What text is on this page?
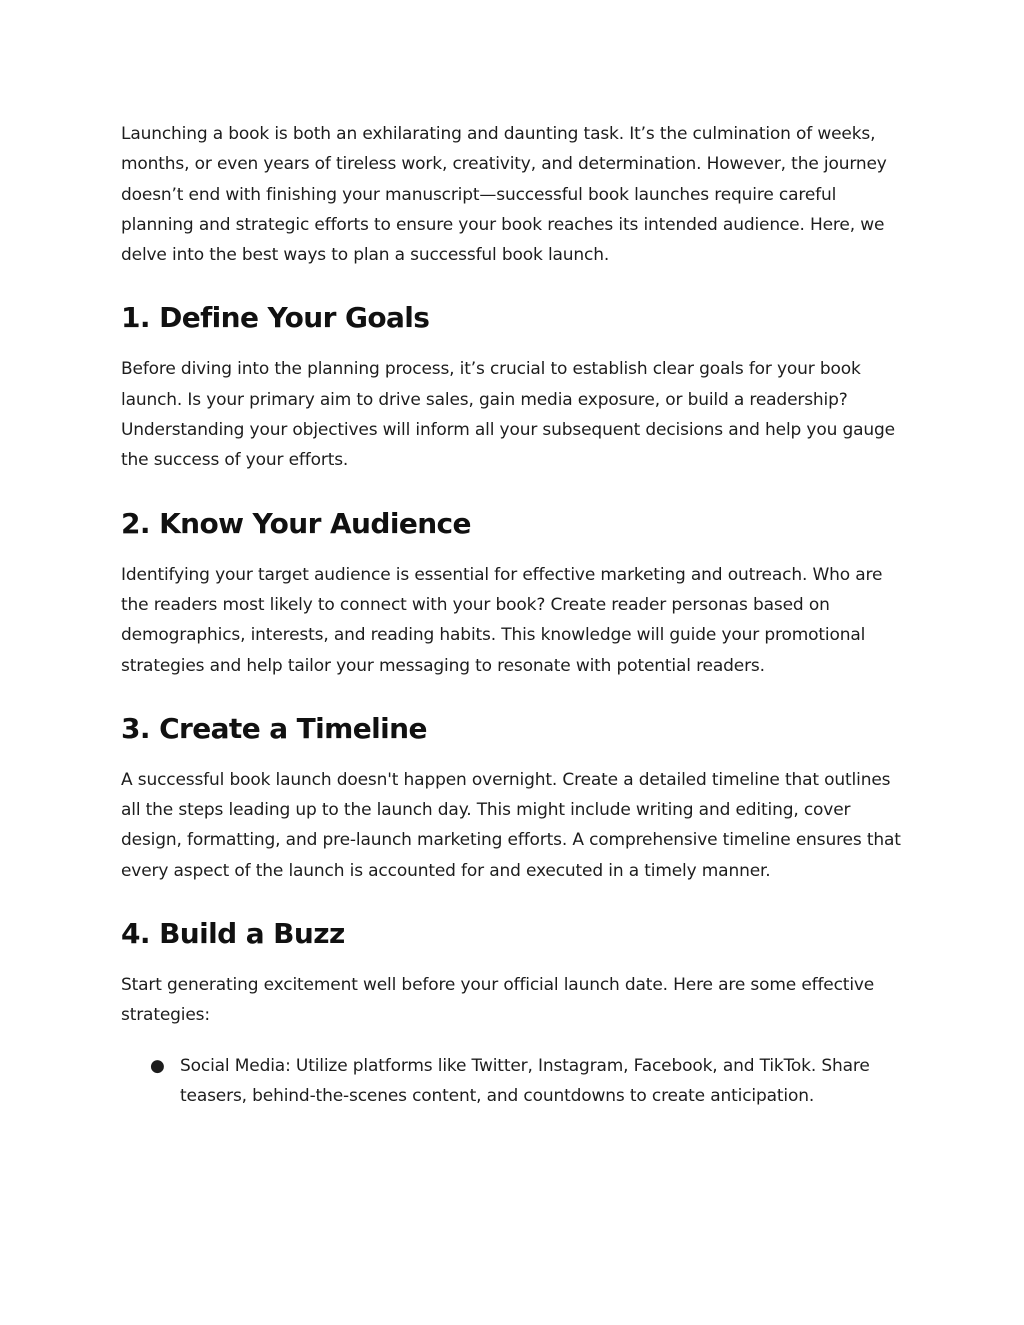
Launching a book is both an exhilarating and daunting task. It’s the culmination of weeks, months, or even years of tireless work, creativity, and determination. However, the journey doesn’t end with finishing your manuscript—successful book launches require careful planning and strategic efforts to ensure your book reaches its intended audience. Here, we delve into the best ways to plan a successful book launch.

1. Define Your Goals

Before diving into the planning process, it’s crucial to establish clear goals for your book launch. Is your primary aim to drive sales, gain media exposure, or build a readership? Understanding your objectives will inform all your subsequent decisions and help you gauge the success of your efforts.

2. Know Your Audience

Identifying your target audience is essential for effective marketing and outreach. Who are the readers most likely to connect with your book? Create reader personas based on demographics, interests, and reading habits. This knowledge will guide your promotional strategies and help tailor your messaging to resonate with potential readers.

3. Create a Timeline

A successful book launch doesn't happen overnight. Create a detailed timeline that outlines all the steps leading up to the launch day. This might include writing and editing, cover design, formatting, and pre-launch marketing efforts. A comprehensive timeline ensures that every aspect of the launch is accounted for and executed in a timely manner.

4. Build a Buzz

Start generating excitement well before your official launch date. Here are some effective strategies:

● Social Media: Utilize platforms like Twitter, Instagram, Facebook, and TikTok. Share teasers, behind-the-scenes content, and countdowns to create anticipation.
